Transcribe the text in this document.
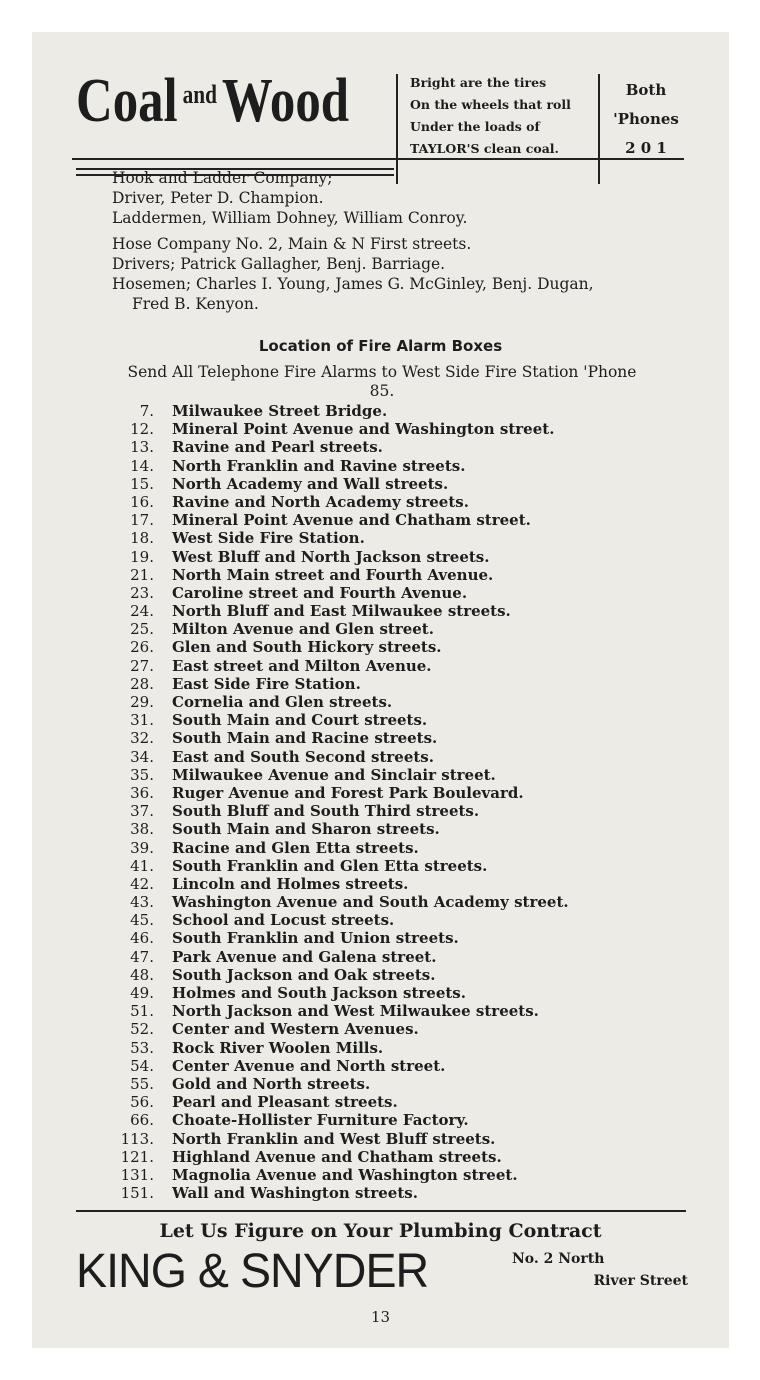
Coal andWood	Bright are the tires
On the wheels that roll
Under the loads of
TAYLOR'S clean coal.
Both
'Phones
2 0 1

Hook and Ladder Company;

Driver, Peter D. Champion.

Laddermen, William Dohney, William Conroy.

Hose Company No. 2, Main & N First streets.

Drivers; Patrick Gallagher, Benj. Barriage.

Hosemen; Charles I. Young, James G. McGinley, Benj. Dugan,

Fred B. Kenyon.

Location of Fire Alarm Boxes
Send All Telephone Fire Alarms to West Side Fire Station 'Phone
85.
7.	Milwaukee Street Bridge.
12.	Mineral Point Avenue and Washington street.
13.	Ravine and Pearl streets.
14.	North Franklin and Ravine streets.
15.	North Academy and Wall streets.
16.	Ravine and North Academy streets.
17.	Mineral Point Avenue and Chatham street.
18.	West Side Fire Station.
19.	West Bluff and North Jackson streets.
21.	North Main street and Fourth Avenue.
23.	Caroline street and Fourth Avenue.
24.	North Bluff and East Milwaukee streets.
25.	Milton Avenue and Glen street.
26.	Glen and South Hickory streets.
27.	East street and Milton Avenue.
28.	East Side Fire Station.
29.	Cornelia and Glen streets.
31.	South Main and Court streets.
32.	South Main and Racine streets.
34.	East and South Second streets.
35.	Milwaukee Avenue and Sinclair street.
36.	Ruger Avenue and Forest Park Boulevard.
37.	South Bluff and South Third streets.
38.	South Main and Sharon streets.
39.	Racine and Glen Etta streets.
41.	South Franklin and Glen Etta streets.
42.	Lincoln and Holmes streets.
43.	Washington Avenue and South Academy street.
45.	School and Locust streets.
46.	South Franklin and Union streets.
47.	Park Avenue and Galena street.
48.	South Jackson and Oak streets.
49.	Holmes and South Jackson streets.
51.	North Jackson and West Milwaukee streets.
52.	Center and Western Avenues.
53.	Rock River Woolen Mills.
54.	Center Avenue and North street.
55.	Gold and North streets.
56.	Pearl and Pleasant streets.
66.	Choate-Hollister Furniture Factory.
113.	North Franklin and West Bluff streets.
121.	Highland Avenue and Chatham streets.
131.	Magnolia Avenue and Washington street.
151.	Wall and Washington streets.
Let Us Figure on Your Plumbing Contract
KING & SNYDER	No. 2 North
River Street
13
